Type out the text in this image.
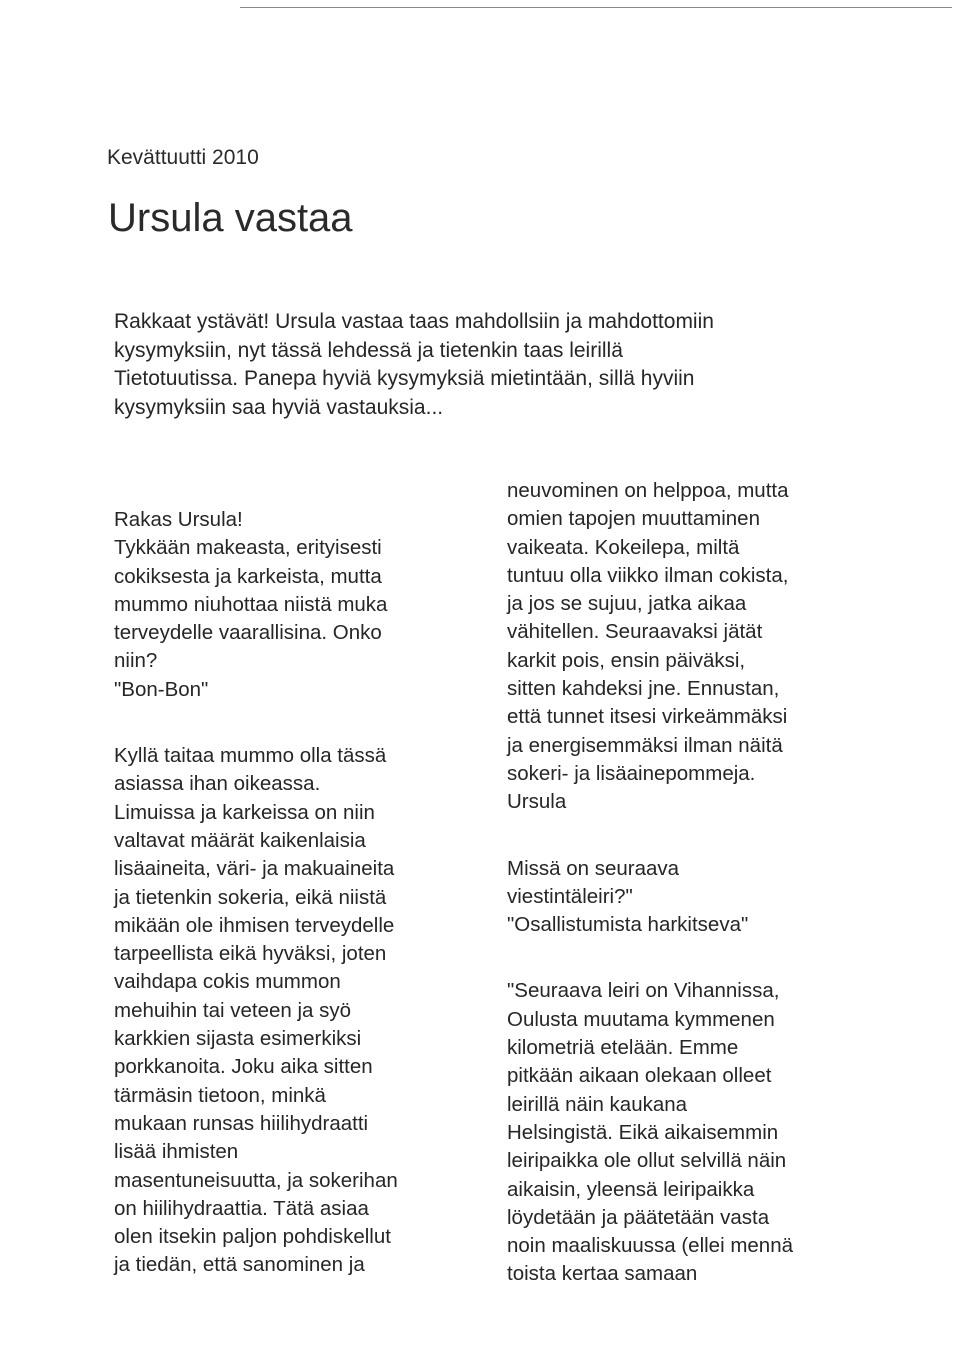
Kevättuutti 2010
Ursula vastaa

Rakkaat ystävät! Ursula vastaa taas mahdollsiin ja mahdottomiin
kysymyksiin, nyt tässä lehdessä ja tietenkin taas leirillä
Tietotuutissa. Panepa hyviä kysymyksiä mietintään, sillä hyviin
kysymyksiin saa hyviä vastauksia...

Rakas Ursula!

Tykkään makeasta, erityisesti
cokiksesta ja karkeista, mutta
mummo niuhottaa niistä muka
terveydelle vaarallisina. Onko
niin?

"Bon-Bon"

Kyllä taitaa mummo olla tässä
asiassa ihan oikeassa.
Limuissa ja karkeissa on niin
valtavat määrät kaikenlaisia
lisäaineita, väri- ja makuaineita
ja tietenkin sokeria, eikä niistä
mikään ole ihmisen terveydelle
tarpeellista eikä hyväksi, joten
vaihdapa cokis mummon
mehuihin tai veteen ja syö
karkkien sijasta esimerkiksi
porkkanoita. Joku aika sitten
tärmäsin tietoon, minkä
mukaan runsas hiilihydraatti
lisää ihmisten
masentuneisuutta, ja sokerihan
on hiilihydraattia. Tätä asiaa
olen itsekin paljon pohdiskellut
ja tiedän, että sanominen ja

neuvominen on helppoa, mutta
omien tapojen muuttaminen
vaikeata. Kokeilepa, miltä
tuntuu olla viikko ilman cokista,
ja jos se sujuu, jatka aikaa
vähitellen. Seuraavaksi jätät
karkit pois, ensin päiväksi,
sitten kahdeksi jne. Ennustan,
että tunnet itsesi virkeämmäksi
ja energisemmäksi ilman näitä
sokeri- ja lisäainepommeja.

Ursula

Missä on seuraava
viestintäleiri?"

"Osallistumista harkitseva"

"Seuraava leiri on Vihannissa,
Oulusta muutama kymmenen
kilometriä etelään. Emme
pitkään aikaan olekaan olleet
leirillä näin kaukana
Helsingistä. Eikä aikaisemmin
leiripaikka ole ollut selvillä näin
aikaisin, yleensä leiripaikka
löydetään ja päätetään vasta
noin maaliskuussa (ellei mennä
toista kertaa samaan
